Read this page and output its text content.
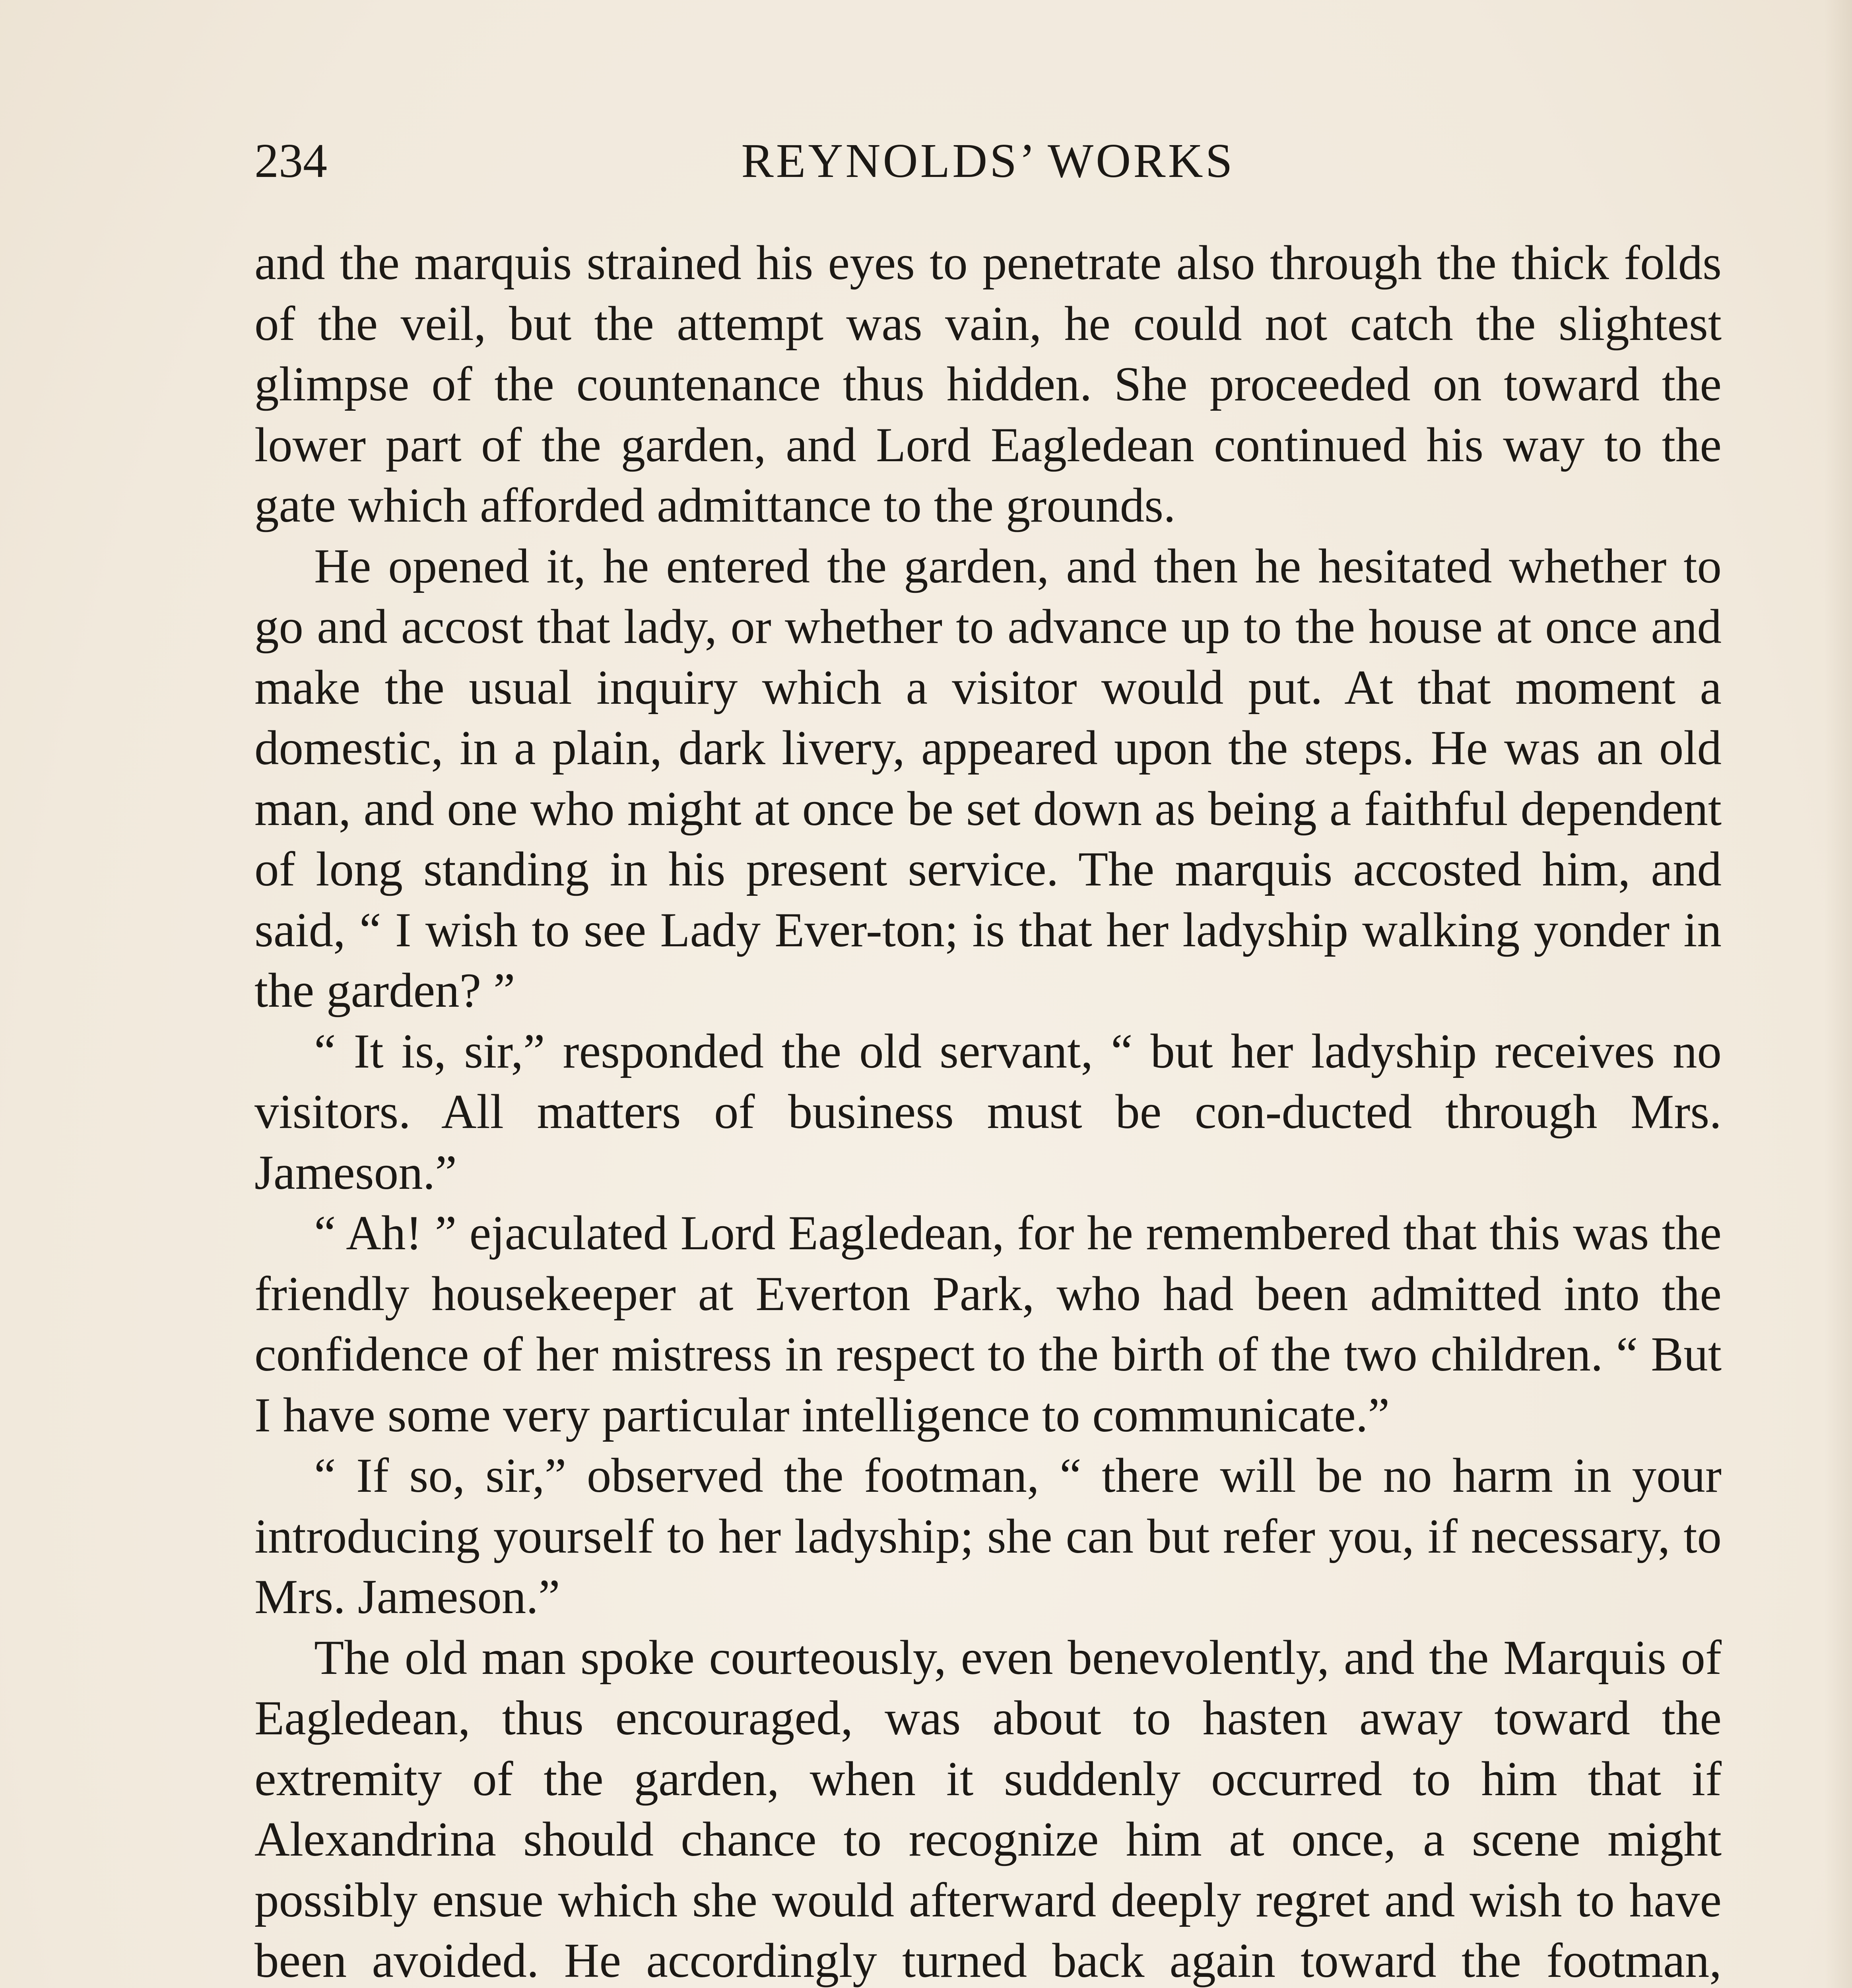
234	REYNOLDS’ WORKS

and the marquis strained his eyes to penetrate also through the thick folds of the veil, but the attempt was vain, he could not catch the slightest glimpse of the countenance thus hidden. She proceeded on toward the lower part of the garden, and Lord Eagledean continued his way to the gate which afforded admittance to the grounds.

He opened it, he entered the garden, and then he hesitated whether to go and accost that lady, or whether to advance up to the house at once and make the usual inquiry which a visitor would put. At that moment a domestic, in a plain, dark livery, appeared upon the steps. He was an old man, and one who might at once be set down as being a faithful dependent of long standing in his present service. The marquis accosted him, and said, “ I wish to see Lady Ever-ton; is that her ladyship walking yonder in the garden? ”

“ It is, sir,” responded the old servant, “ but her ladyship receives no visitors. All matters of business must be con-ducted through Mrs. Jameson.”

“ Ah! ” ejaculated Lord Eagledean, for he remembered that this was the friendly housekeeper at Everton Park, who had been admitted into the confidence of her mistress in respect to the birth of the two children. “ But I have some very particular intelligence to communicate.”

“ If so, sir,” observed the footman, “ there will be no harm in your introducing yourself to her ladyship; she can but refer you, if necessary, to Mrs. Jameson.”

The old man spoke courteously, even benevolently, and the Marquis of Eagledean, thus encouraged, was about to hasten away toward the extremity of the garden, when it suddenly occurred to him that if Alexandrina should chance to recognize him at once, a scene might possibly ensue which she would afterward deeply regret and wish to have been avoided. He accordingly turned back again toward the footman,
